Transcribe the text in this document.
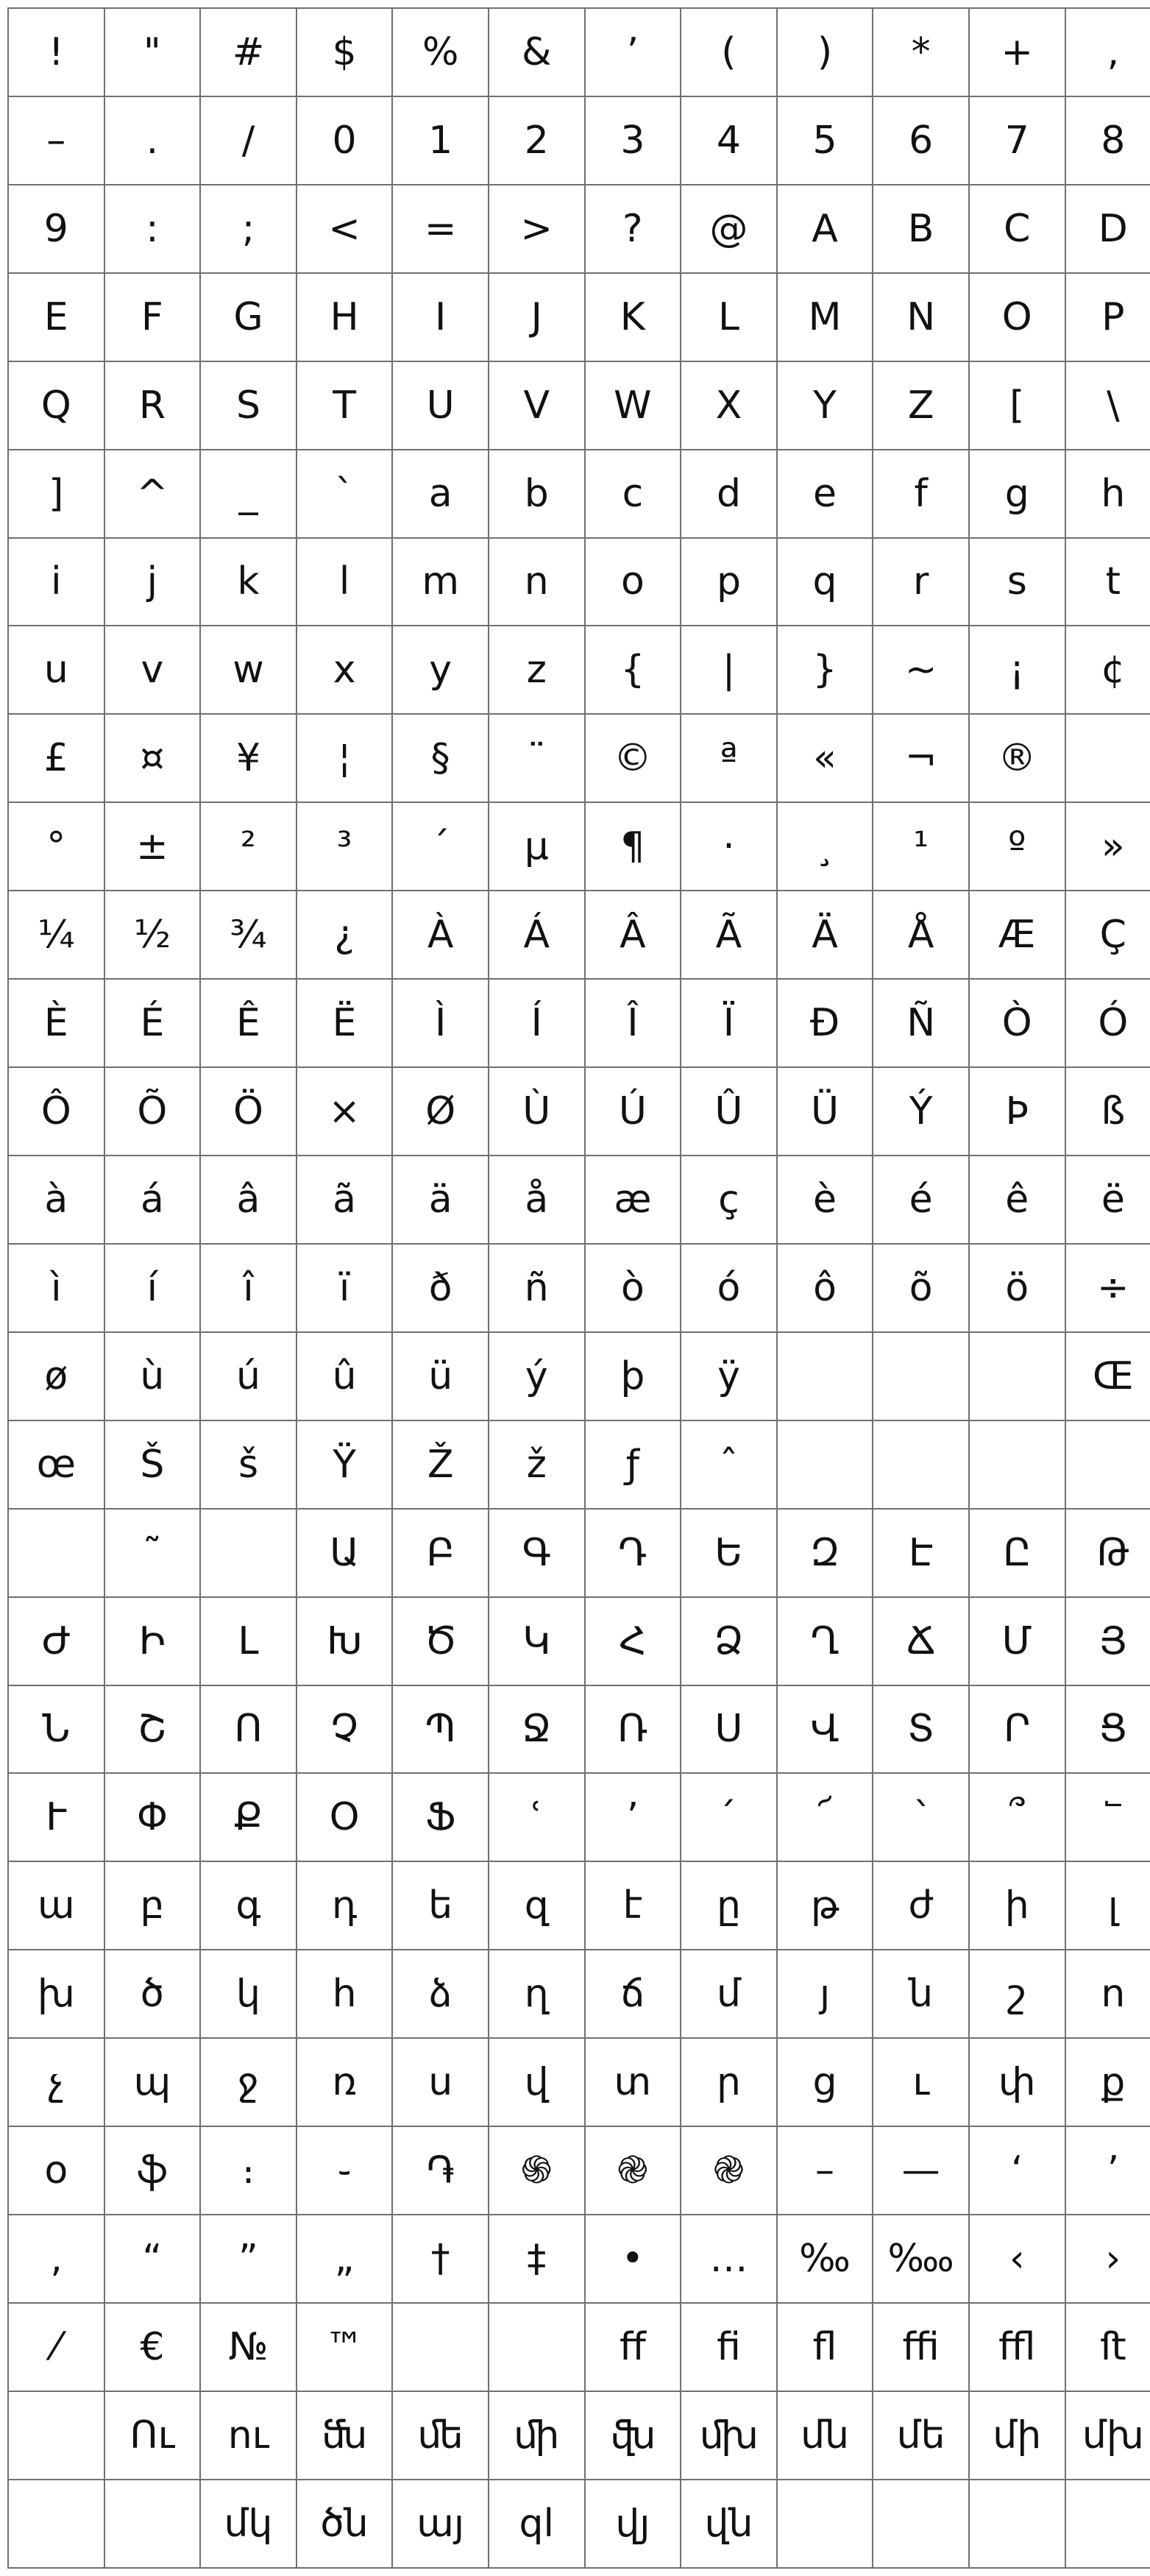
!	"	#	$	%	&	ʼ	(	)	*	+	,
–	.	/	0	1	2	3	4	5	6	7	8
9	:	;	<	=	>	?	@	A	B	C	D
E	F	G	H	I	J	K	L	M	N	O	P
Q	R	S	T	U	V	W	X	Y	Z	[	\
]	^	_	`	a	b	c	d	e	f	g	h
i	j	k	l	m	n	o	p	q	r	s	t
u	v	w	x	y	z	{	|	}	~	¡	¢
£	¤	¥	¦	§	¨	©	ª	«	¬	®	
°	±	²	³	´	µ	¶	·	¸	¹	º	»
¼	½	¾	¿	À	Á	Â	Ã	Ä	Å	Æ	Ç
È	É	Ê	Ë	Ì	Í	Î	Ï	Ð	Ñ	Ò	Ó
Ô	Õ	Ö	×	Ø	Ù	Ú	Û	Ü	Ý	Þ	ß
à	á	â	ã	ä	å	æ	ç	è	é	ê	ë
ì	í	î	ï	ð	ñ	ò	ó	ô	õ	ö	÷
ø	ù	ú	û	ü	ý	þ	ÿ				Œ
œ	Š	š	Ÿ	Ž	ž	ƒ	ˆ				
	˜		Ա	Բ	Գ	Դ	Ե	Զ	Է	Ը	Թ
Ժ	Ի	Լ	Խ	Ծ	Կ	Հ	Ձ	Ղ	Ճ	Մ	Յ
Ն	Շ	Ո	Չ	Պ	Ջ	Ռ	Ս	Վ	Տ	Ր	Ց
Ւ	Փ	Ք	Օ	Ֆ	ՙ	՚	՛	՜	՝	՞	՟
ա	բ	գ	դ	ե	զ	է	ը	թ	ժ	ի	լ
խ	ծ	կ	հ	ձ	ղ	ճ	մ	յ	ն	շ	ո
չ	պ	ջ	ռ	ս	վ	տ	ր	ց	ւ	փ	ք
օ	ֆ	։	֊	֏	֍	֎	֎	–	—	‘	’
‚	“	”	„	†	‡	•	…	‰	‱	‹	›
⁄	€	№	™			ﬀ	ﬁ	ﬂ	ﬃ	ﬄ	ﬅ
	Ու	ու	ﬓ	ﬔ	ﬕ	ﬖ	ﬗ	մն	մե	մի	մխ
		մկ	ծն	այ	ql	վյ	վն				
